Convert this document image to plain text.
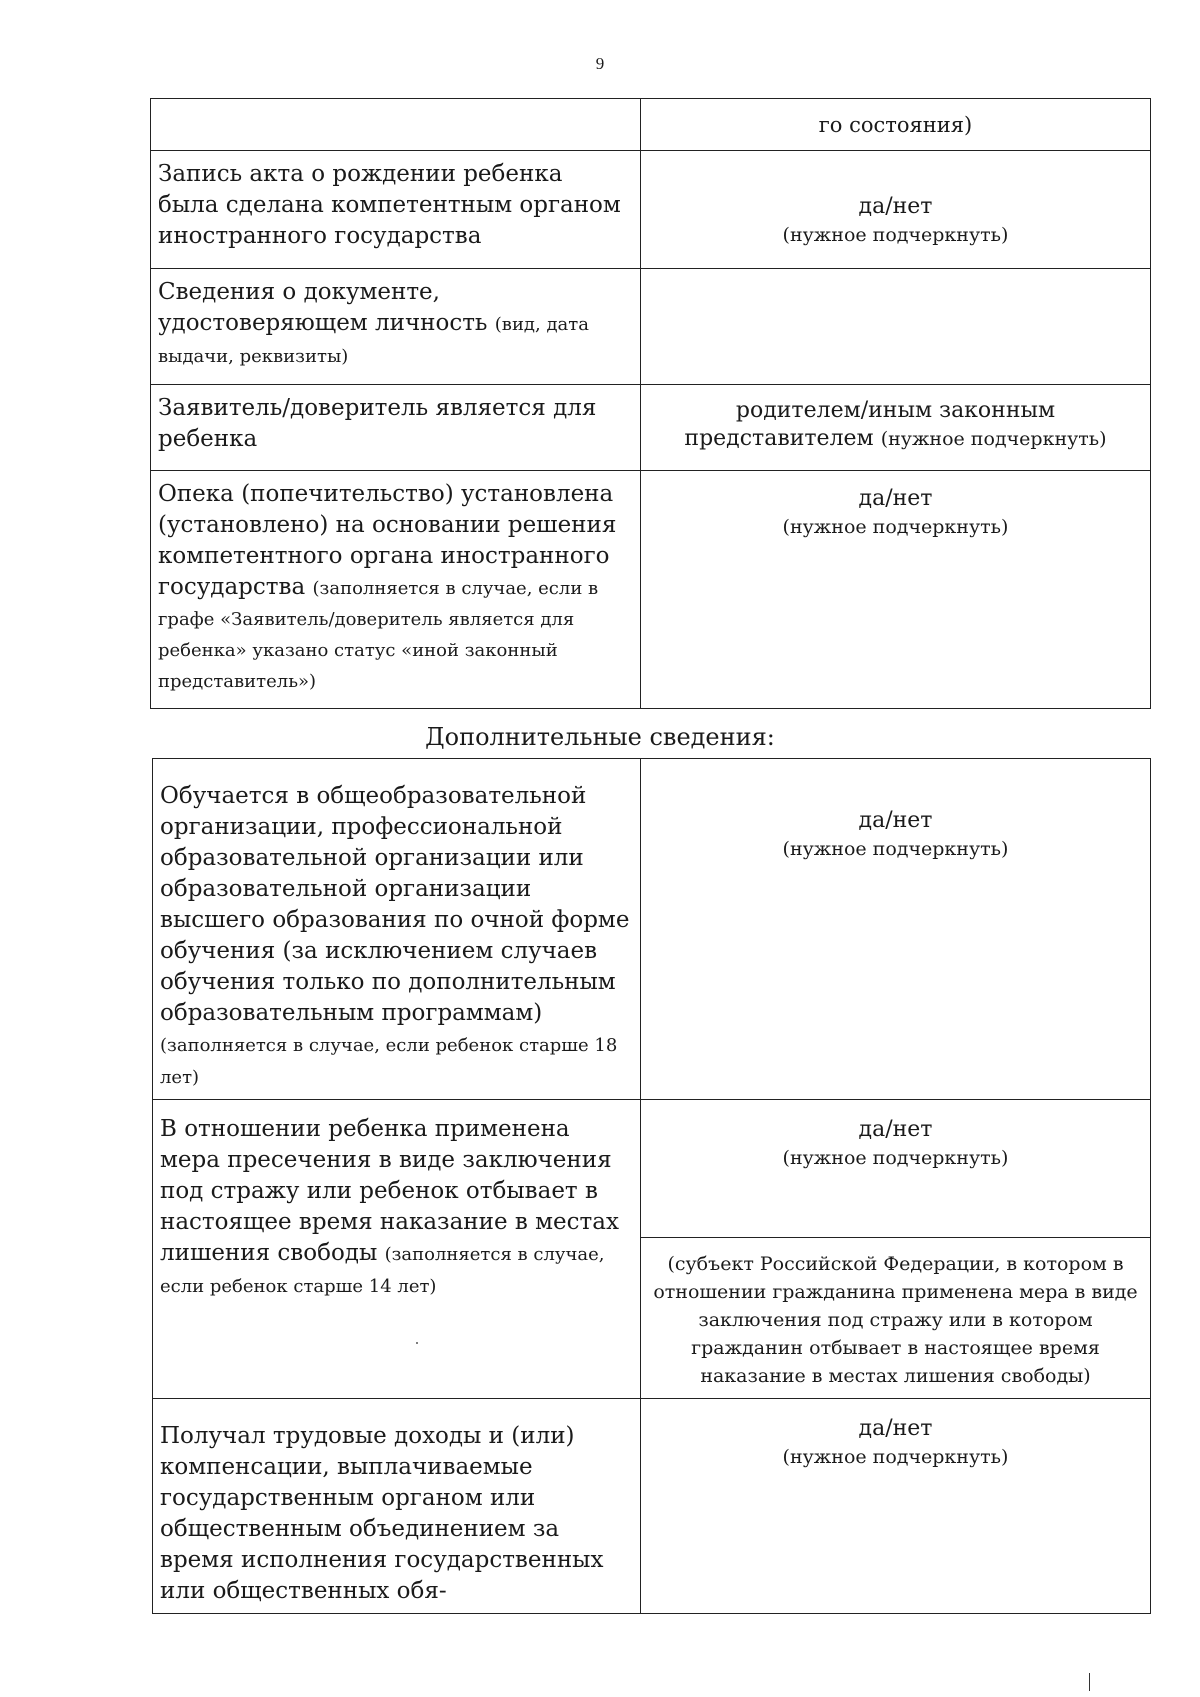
9
	го состояния)
Запись акта о рождении ребенка была сделана компетентным органом иностранного государства	да/нет
(нужное подчеркнуть)

Сведения о документе, удостоверяющем личность (вид, дата выдачи, реквизиты)	
Заявитель/доверитель является для ребенка	родителем/иным законным представителем (нужное подчеркнуть)
Опека (попечительство) установлена (установлено) на основании решения компетентного органа иностранного государства (заполняется в случае, если в графе «Заявитель/доверитель является для ребенка» указано статус «иной законный представитель»)	да/нет
(нужное подчеркнуть)
Дополнительные сведения:
Обучается в общеобразовательной организации, профессиональной образовательной организации или образовательной организации высшего образования по очной форме обучения (за исключением случаев обучения только по дополнительным образовательным программам) (заполняется в случае, если ребенок старше 18 лет)	да/нет
(нужное подчеркнуть)

В отношении ребенка применена мера пресечения в виде заключения под стражу или ребенок отбывает в настоящее время наказание в местах лишения свободы (заполняется в случае, если ребенок старше 14 лет)	да/нет
(нужное подчеркнуть)

	(субъект Российской Федерации, в котором в отношении гражданина применена мера в виде заключения под стражу или в котором гражданин отбывает в настоящее время наказание в местах лишения свободы)
Получал трудовые доходы и (или) компенсации, выплачиваемые государственным органом или общественным объединением за время исполнения государственных или общественных обя-	да/нет
(нужное подчеркнуть)
